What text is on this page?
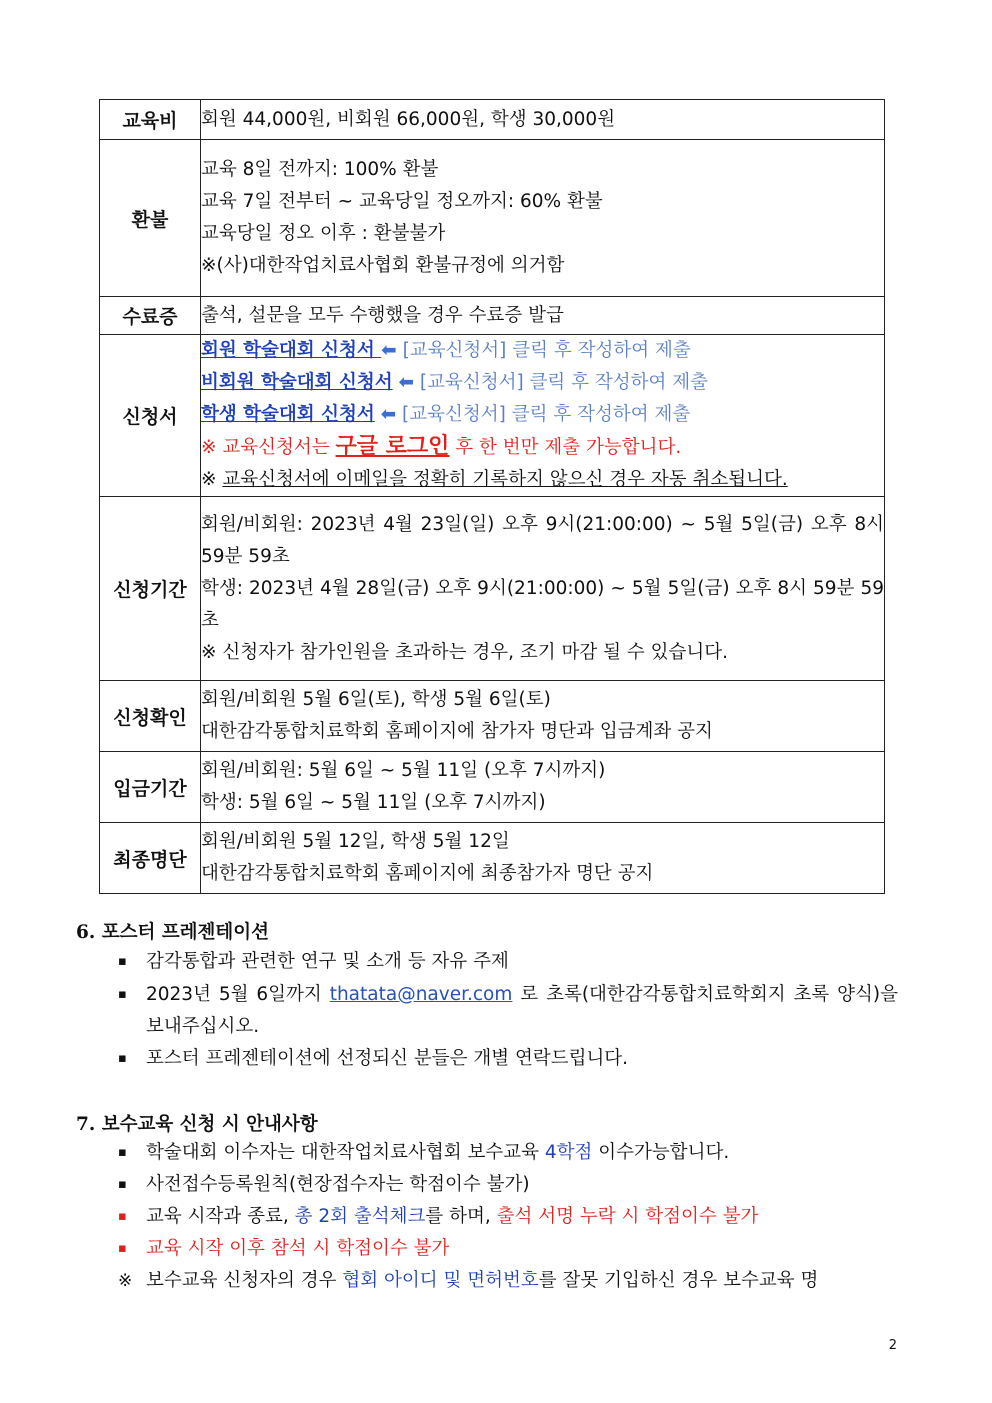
교육비	회원 44,000원, 비회원 66,000원, 학생 30,000원
환불	교육 8일 전까지: 100% 환불
교육 7일 전부터 ~ 교육당일 정오까지: 60% 환불
교육당일 정오 이후 : 환불불가
※(사)대한작업치료사협회 환불규정에 의거함

수료증	출석, 설문을 모두 수행했을 경우 수료증 발급
신청서	회원 학술대회 신청서 ⬅ [교육신청서] 클릭 후 작성하여 제출
비회원 학술대회 신청서 ⬅ [교육신청서] 클릭 후 작성하여 제출
학생 학술대회 신청서 ⬅ [교육신청서] 클릭 후 작성하여 제출
※ 교육신청서는 구글 로그인 후 한 번만 제출 가능합니다.
※ 교육신청서에 이메일을 정확히 기록하지 않으신 경우 자동 취소됩니다.

신청기간	회원/비회원: 2023년 4월 23일(일) 오후 9시(21:00:00) ~ 5월 5일(금) 오후 8시 59분 59초
학생: 2023년 4월 28일(금) 오후 9시(21:00:00) ~ 5월 5일(금) 오후 8시 59분 59초
※ 신청자가 참가인원을 초과하는 경우, 조기 마감 될 수 있습니다.

신청확인	회원/비회원 5월 6일(토), 학생 5월 6일(토)
대한감각통합치료학회 홈페이지에 참가자 명단과 입금계좌 공지

입금기간	회원/비회원: 5월 6일 ~ 5월 11일 (오후 7시까지)
학생: 5월 6일 ~ 5월 11일 (오후 7시까지)

최종명단	회원/비회원 5월 12일, 학생 5월 12일
대한감각통합치료학회 홈페이지에 최종참가자 명단 공지
6. 포스터 프레젠테이션
▪ 감각통합과 관련한 연구 및 소개 등 자유 주제
▪ 2023년 5월 6일까지 thatata@naver.com 로 초록(대한감각통합치료학회지 초록 양식)을 보내주십시오.
▪ 포스터 프레젠테이션에 선정되신 분들은 개별 연락드립니다.
7. 보수교육 신청 시 안내사항
▪ 학술대회 이수자는 대한작업치료사협회 보수교육 4학점 이수가능합니다.
▪ 사전접수등록원칙(현장접수자는 학점이수 불가)
▪ 교육 시작과 종료, 총 2회 출석체크를 하며, 출석 서명 누락 시 학점이수 불가
▪ 교육 시작 이후 참석 시 학점이수 불가
※ 보수교육 신청자의 경우 협회 아이디 및 면허번호를 잘못 기입하신 경우 보수교육 명
2
